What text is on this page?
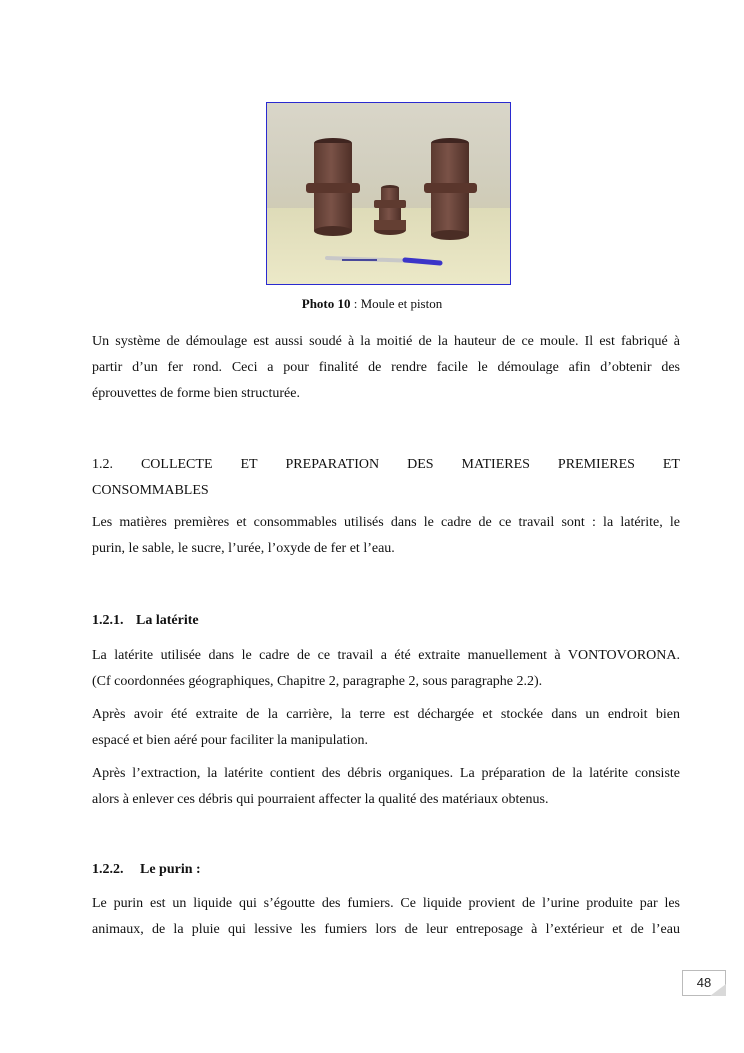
Photo 10 : Moule et piston
Un système de démoulage est aussi soudé à la moitié de la hauteur de ce moule. Il est fabriqué à
partir d’un fer rond. Ceci a pour finalité de rendre facile le démoulage afin d’obtenir des
éprouvettes de forme bien structurée.
1.2. COLLECTE ET PREPARATION DES MATIERES PREMIERES ET
CONSOMMABLES
Les matières premières et consommables utilisés dans le cadre de ce travail sont : la latérite, le
purin, le sable, le sucre, l’urée, l’oxyde de fer et l’eau.
1.2.1. La latérite
La latérite utilisée dans le cadre de ce travail a été extraite manuellement à VONTOVORONA.
(Cf coordonnées géographiques, Chapitre 2, paragraphe 2, sous paragraphe 2.2).
Après avoir été extraite de la carrière, la terre est déchargée et stockée dans un endroit bien
espacé et bien aéré pour faciliter la manipulation.
Après l’extraction, la latérite contient des débris organiques. La préparation de la latérite consiste
alors à enlever ces débris qui pourraient affecter la qualité des matériaux obtenus.
1.2.2. Le purin :
Le purin est un liquide qui s’égoutte des fumiers. Ce liquide provient de l’urine produite par les
animaux, de la pluie qui lessive les fumiers lors de leur entreposage à l’extérieur et de l’eau
48
